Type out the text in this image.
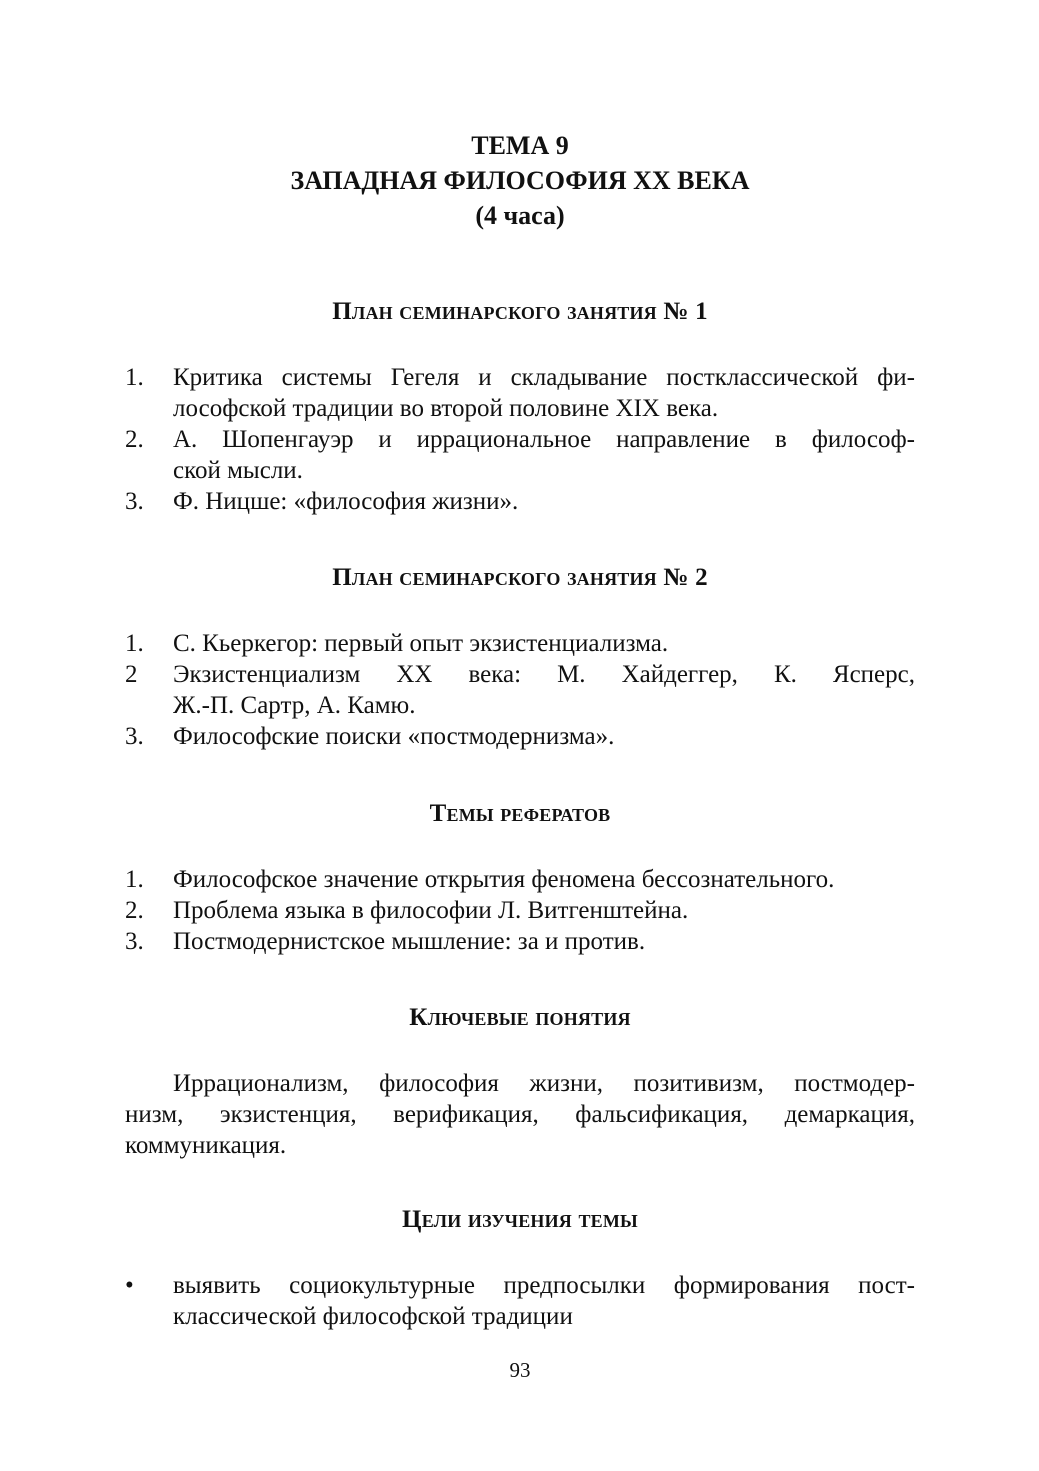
ТЕМА 9
ЗАПАДНАЯ ФИЛОСОФИЯ XX ВЕКА
(4 часа)
План семинарского занятия № 1
1. Критика системы Гегеля и складывание постклассической фи-
лософской традиции во второй половине XIX века.
2. А. Шопенгауэр и иррациональное направление в философ-
ской мысли.
3. Ф. Ницше: «философия жизни».
План семинарского занятия № 2
1. С. Кьеркегор: первый опыт экзистенциализма.
2 Экзистенциализм XX века: М. Хайдеггер, К. Ясперс,
Ж.-П. Сартр, А. Камю.
3. Философские поиски «постмодернизма».
Темы рефератов
1. Философское значение открытия феномена бессознательного.
2. Проблема языка в философии Л. Витгенштейна.
3. Постмодернистское мышление: за и против.
Ключевые понятия
Иррационализм, философия жизни, позитивизм, постмодер-
низм, экзистенция, верификация, фальсификация, демаркация,
коммуникация.
Цели изучения темы
• выявить социокультурные предпосылки формирования пост-
классической философской традиции
93
